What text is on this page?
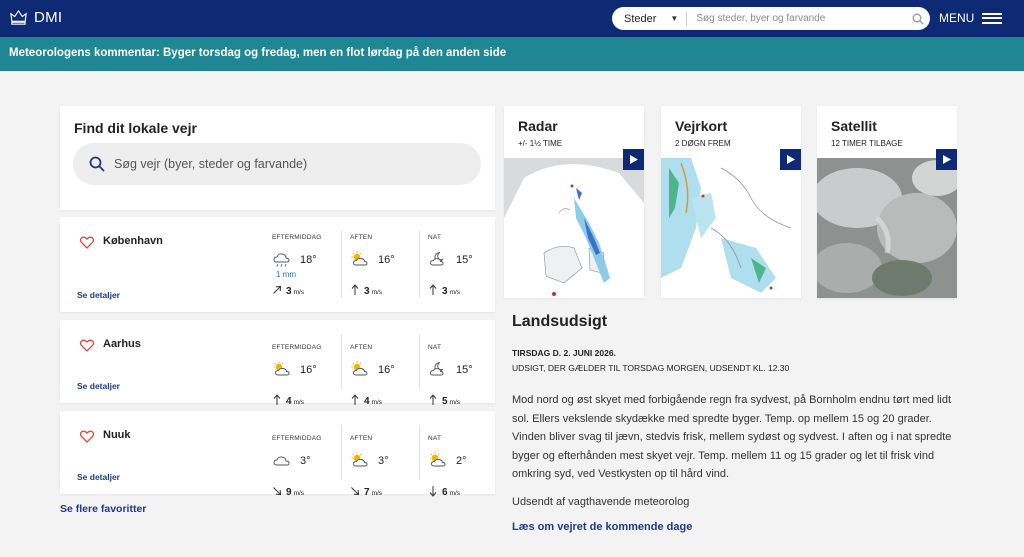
DMI	Steder ▼	Søg steder, byer og farvande	MENU
Meteorologens kommentar: Byger torsdag og fredag, men en flot lørdag på den anden side
Find dit lokale vejr
Søg vejr (byer, steder og farvande)
København
Se detaljer
EFTERMIDDAG
18°
1 mm
3 m/s
AFTEN
16°
3 m/s
NAT
15°
3 m/s
Aarhus
Se detaljer
EFTERMIDDAG
16°
4 m/s
AFTEN
16°
4 m/s
NAT
15°
5 m/s
Nuuk
Se detaljer
EFTERMIDDAG
3°
9 m/s
AFTEN
3°
7 m/s
NAT
2°
6 m/s
Se flere favoritter
Radar
+/- 1½ TIME
Vejrkort
2 DØGN FREM
Satellit
12 TIMER TILBAGE
Landsudsigt
TIRSDAG D. 2. JUNI 2026.
UDSIGT, DER GÆLDER TIL TORSDAG MORGEN, UDSENDT KL. 12.30
Mod nord og øst skyet med forbigående regn fra sydvest, på Bornholm endnu tørt med lidt sol. Ellers vekslende skydække med spredte byger. Temp. op mellem 15 og 20 grader. Vinden bliver svag til jævn, stedvis frisk, mellem sydøst og sydvest. I aften og i nat spredte byger og efterhånden mest skyet vejr. Temp. mellem 11 og 15 grader og let til frisk vind omkring syd, ved Vestkysten op til hård vind.
Udsendt af vagthavende meteorolog
Læs om vejret de kommende dage
